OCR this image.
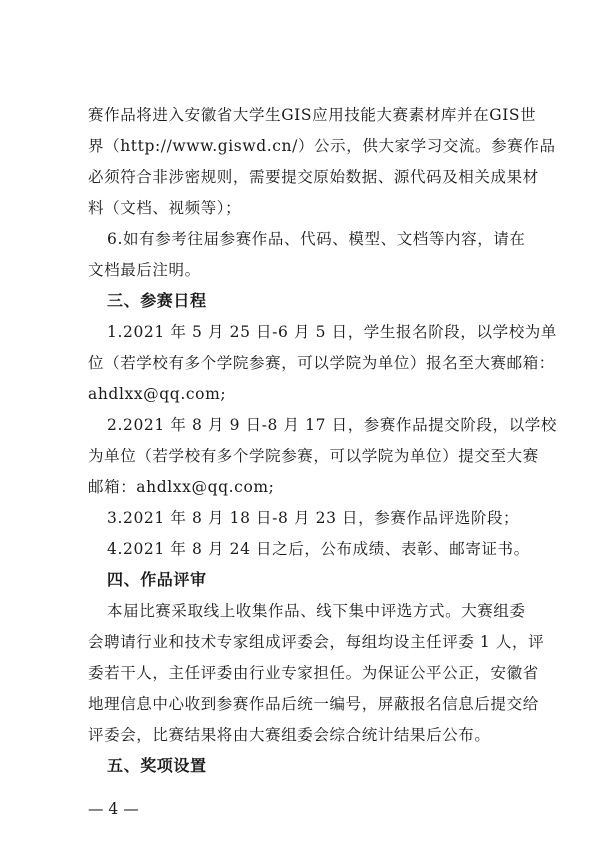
赛作品将进入安徽省大学生GIS应用技能大赛素材库并在GIS世
界（http://www.giswd.cn/）公示，供大家学习交流。参赛作品
必须符合非涉密规则，需要提交原始数据、源代码及相关成果材
料（文档、视频等）；
6.如有参考往届参赛作品、代码、模型、文档等内容，请在
文档最后注明。
三、参赛日程
1.2021 年 5 月 25 日-6 月 5 日，学生报名阶段，以学校为单
位（若学校有多个学院参赛，可以学院为单位）报名至大赛邮箱：
ahdlxx@qq.com;
2.2021 年 8 月 9 日-8 月 17 日，参赛作品提交阶段，以学校
为单位（若学校有多个学院参赛，可以学院为单位）提交至大赛
邮箱：ahdlxx@qq.com;
3.2021 年 8 月 18 日-8 月 23 日，参赛作品评选阶段；
4.2021 年 8 月 24 日之后，公布成绩、表彰、邮寄证书。
四、作品评审
本届比赛采取线上收集作品、线下集中评选方式。大赛组委
会聘请行业和技术专家组成评委会，每组均设主任评委 1 人，评
委若干人，主任评委由行业专家担任。为保证公平公正，安徽省
地理信息中心收到参赛作品后统一编号，屏蔽报名信息后提交给
评委会，比赛结果将由大赛组委会综合统计结果后公布。
五、奖项设置
— 4 —
